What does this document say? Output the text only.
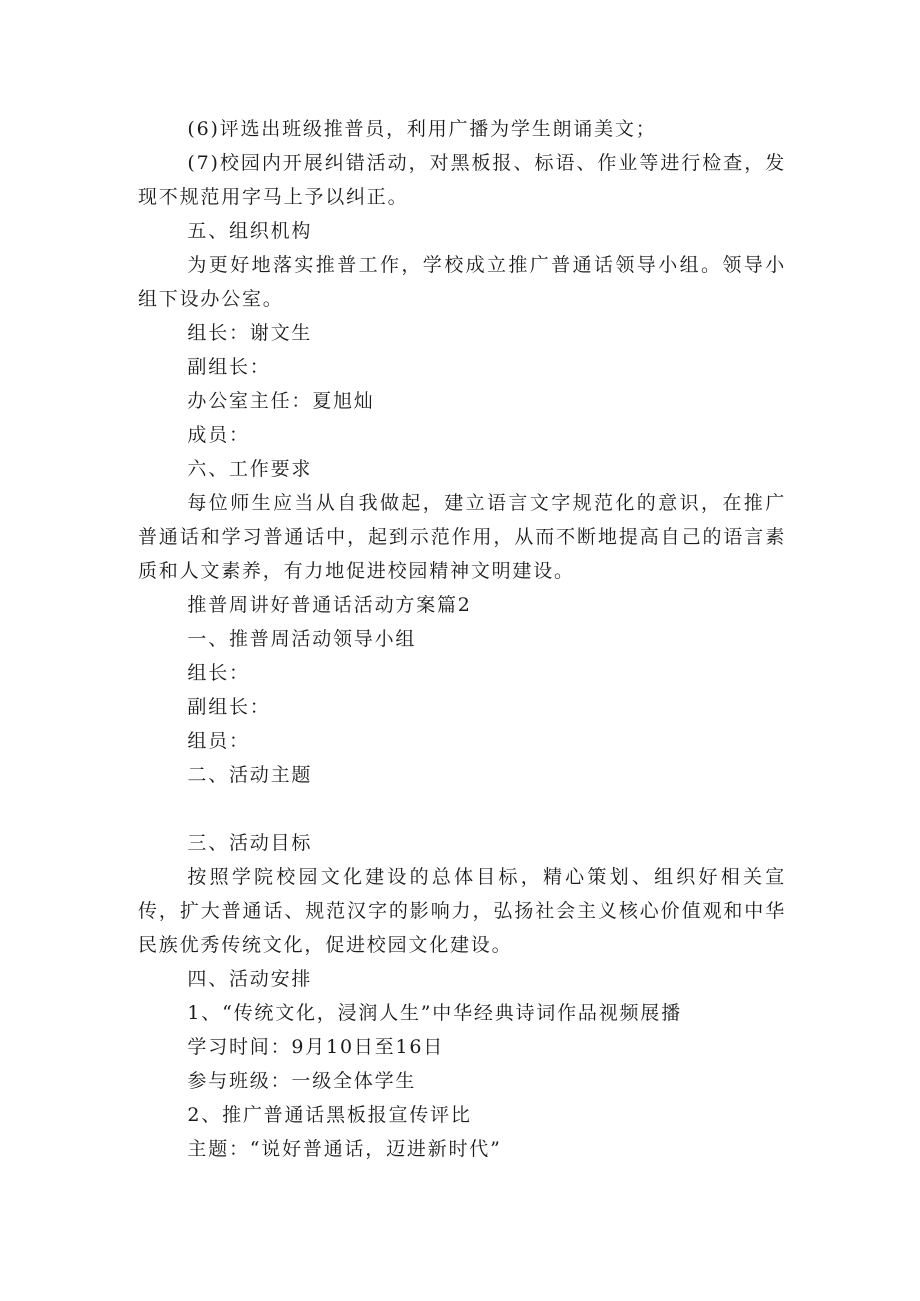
(6)评选出班级推普员，利用广播为学生朗诵美文；

(7)校园内开展纠错活动，对黑板报、标语、作业等进行检查，发现不规范用字马上予以纠正。

五、组织机构

为更好地落实推普工作，学校成立推广普通话领导小组。领导小组下设办公室。

组长：谢文生

副组长：

办公室主任：夏旭灿

成员：

六、工作要求

每位师生应当从自我做起，建立语言文字规范化的意识，在推广普通话和学习普通话中，起到示范作用，从而不断地提高自己的语言素质和人文素养，有力地促进校园精神文明建设。

推普周讲好普通话活动方案篇2

一、推普周活动领导小组

组长：

副组长：

组员：

二、活动主题

三、活动目标

按照学院校园文化建设的总体目标，精心策划、组织好相关宣传，扩大普通话、规范汉字的影响力，弘扬社会主义核心价值观和中华民族优秀传统文化，促进校园文化建设。

四、活动安排

1、“传统文化，浸润人生”中华经典诗词作品视频展播

学习时间：9月10日至16日

参与班级：一级全体学生

2、推广普通话黑板报宣传评比

主题：“说好普通话，迈进新时代”
